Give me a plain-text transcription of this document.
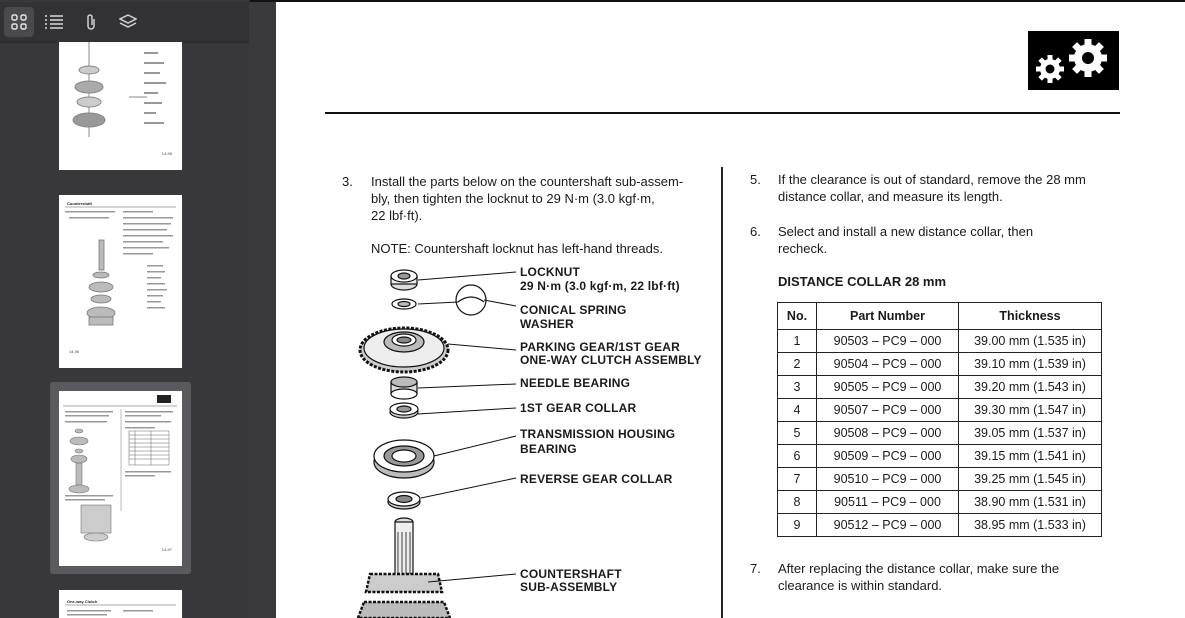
14-95
Countershaft
14-96
14-97
One-way Clutch
3. Install the parts below on the countershaft sub-assem-
bly, then tighten the locknut to 29 N·m (3.0 kgf·m,
22 lbf·ft).
NOTE: Countershaft locknut has left-hand threads.
LOCKNUT
29 N·m (3.0 kgf·m, 22 lbf·ft)
CONICAL SPRING
WASHER
PARKING GEAR/1ST GEAR
ONE-WAY CLUTCH ASSEMBLY
NEEDLE BEARING
1ST GEAR COLLAR
TRANSMISSION HOUSING
BEARING
REVERSE GEAR COLLAR
COUNTERSHAFT
SUB-ASSEMBLY
5. If the clearance is out of standard, remove the 28 mm
distance collar, and measure its length.
6. Select and install a new distance collar, then
recheck.
DISTANCE COLLAR 28 mm
No.	Part Number	Thickness
1	90503 – PC9 – 000	39.00 mm (1.535 in)
2	90504 – PC9 – 000	39.10 mm (1.539 in)
3	90505 – PC9 – 000	39.20 mm (1.543 in)
4	90507 – PC9 – 000	39.30 mm (1.547 in)
5	90508 – PC9 – 000	39.05 mm (1.537 in)
6	90509 – PC9 – 000	39.15 mm (1.541 in)
7	90510 – PC9 – 000	39.25 mm (1.545 in)
8	90511 – PC9 – 000	38.90 mm (1.531 in)
9	90512 – PC9 – 000	38.95 mm (1.533 in)
7. After replacing the distance collar, make sure the
clearance is within standard.
